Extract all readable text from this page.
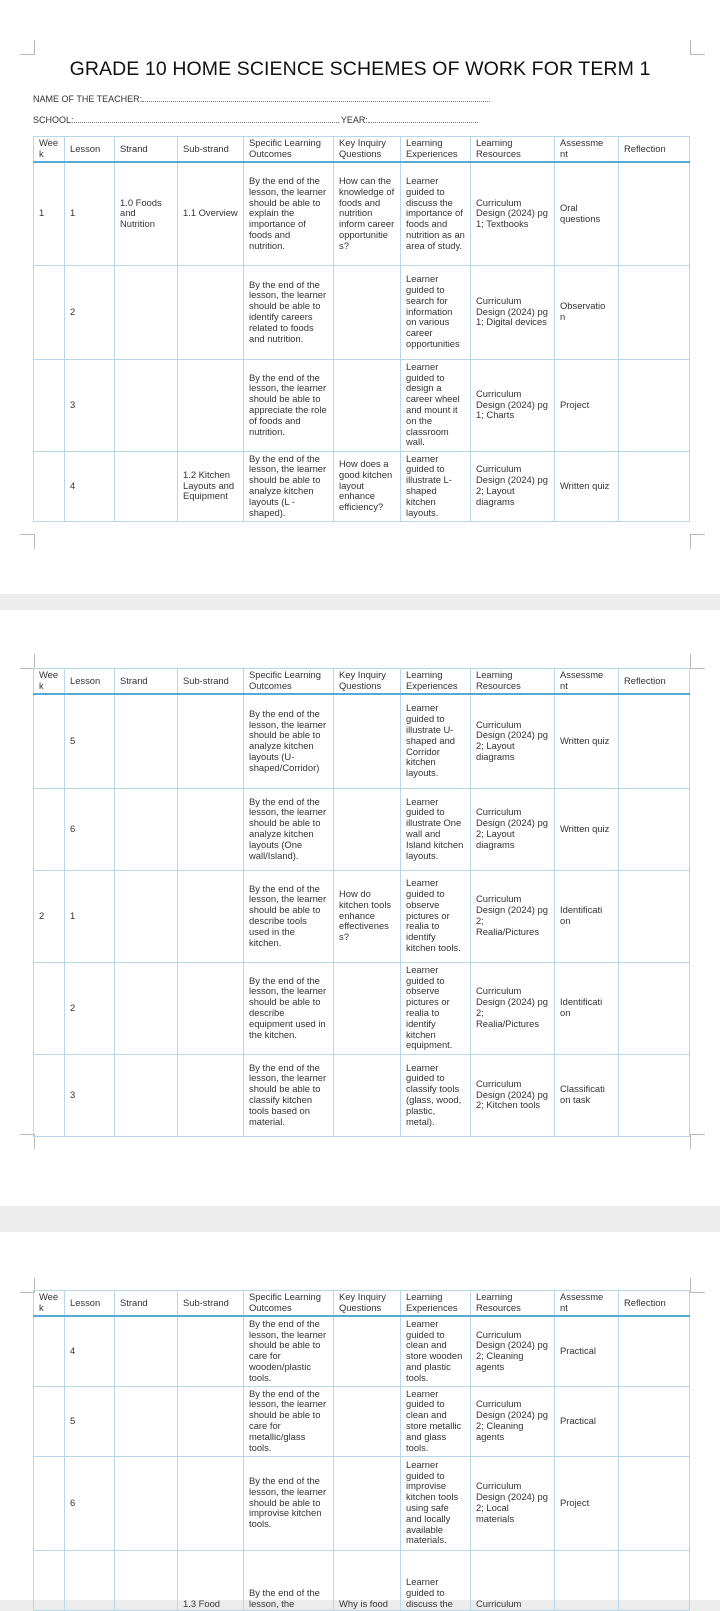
GRADE 10 HOME SCIENCE SCHEMES OF WORK FOR TERM 1
NAME OF THE TEACHER:
SCHOOL:	YEAR:
Wee k	Lesson	Strand	Sub-strand	Specific Learning Outcomes	Key Inquiry Questions	Learning Experiences	Learning Resources	Assessme nt	Reflection
1	1	1.0 Foods and Nutrition	1.1 Overview	By the end of the lesson, the learner should be able to explain the importance of foods and nutrition.	How can the knowledge of foods and nutrition inform career opportunitie s?	Learner guided to discuss the importance of foods and nutrition as an area of study.	Curriculum Design (2024) pg 1; Textbooks	Oral questions	
	2			By the end of the lesson, the learner should be able to identify careers related to foods and nutrition.		Learner guided to search for information on various career opportunities	Curriculum Design (2024) pg 1; Digital devices	Observatio n	
	3			By the end of the lesson, the learner should be able to appreciate the role of foods and nutrition.		Learner guided to design a career wheel and mount it on the classroom wall.	Curriculum Design (2024) pg 1; Charts	Project	
	4		1.2 Kitchen Layouts and Equipment	By the end of the lesson, the learner should be able to analyze kitchen layouts (L -shaped).	How does a good kitchen layout enhance efficiency?	Learner guided to illustrate L-shaped kitchen layouts.	Curriculum Design (2024) pg 2; Layout diagrams	Written quiz	
Wee k	Lesson	Strand	Sub-strand	Specific Learning Outcomes	Key Inquiry Questions	Learning Experiences	Learning Resources	Assessme nt	Reflection
	5			By the end of the lesson, the learner should be able to analyze kitchen layouts (U-shaped/Corridor)		Learner guided to illustrate U-shaped and Corridor kitchen layouts.	Curriculum Design (2024) pg 2; Layout diagrams	Written quiz	
	6			By the end of the lesson, the learner should be able to analyze kitchen layouts (One wall/Island).		Learner guided to illustrate One wall and Island kitchen layouts.	Curriculum Design (2024) pg 2; Layout diagrams	Written quiz	
2	1			By the end of the lesson, the learner should be able to describe tools used in the kitchen.	How do kitchen tools enhance effectivenes s?	Learner guided to observe pictures or realia to identify kitchen tools.	Curriculum Design (2024) pg 2; Realia/Pictures	Identificati on	
	2			By the end of the lesson, the learner should be able to describe equipment used in the kitchen.		Learner guided to observe pictures or realia to identify kitchen equipment.	Curriculum Design (2024) pg 2; Realia/Pictures	Identificati on	
	3			By the end of the lesson, the learner should be able to classify kitchen tools based on material.		Learner guided to classify tools (glass, wood, plastic, metal).	Curriculum Design (2024) pg 2; Kitchen tools	Classificati on task	
Wee k	Lesson	Strand	Sub-strand	Specific Learning Outcomes	Key Inquiry Questions	Learning Experiences	Learning Resources	Assessme nt	Reflection
	4			By the end of the lesson, the learner should be able to care for wooden/plastic tools.		Learner guided to clean and store wooden and plastic tools.	Curriculum Design (2024) pg 2; Cleaning agents	Practical	
	5			By the end of the lesson, the learner should be able to care for metallic/glass tools.		Learner guided to clean and store metallic and glass tools.	Curriculum Design (2024) pg 2; Cleaning agents	Practical	
	6			By the end of the lesson, the learner should be able to improvise kitchen tools.		Learner guided to improvise kitchen tools using safe and locally available materials.	Curriculum Design (2024) pg 2; Local materials	Project	
			1.3 Food	By the end of the lesson, the	Why is food	Learner guided to discuss the	Curriculum		
